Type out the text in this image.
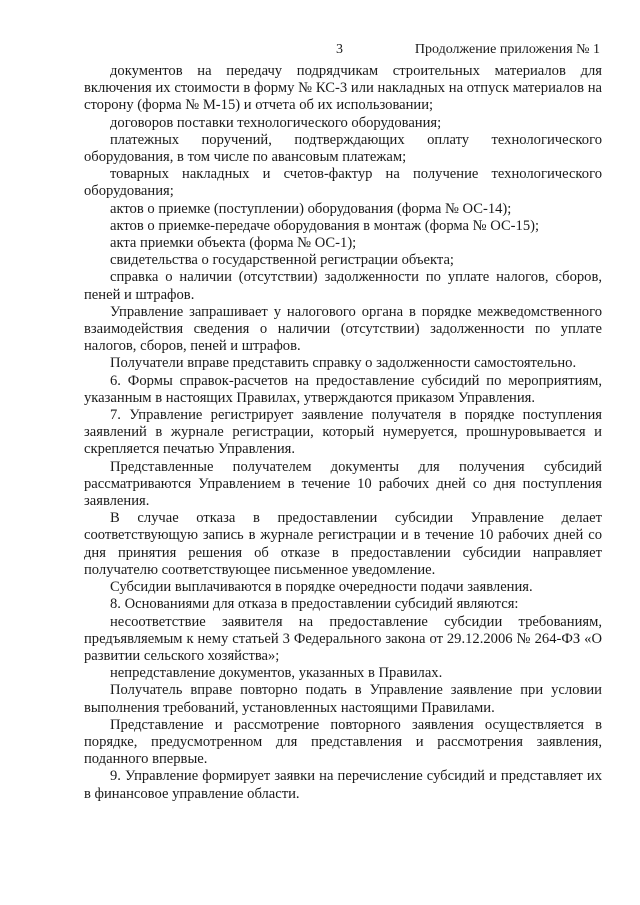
3	Продолжение приложения № 1

документов на передачу подрядчикам строительных материалов для включения их стоимости в форму № КС-3 или накладных на отпуск материалов на сторону (форма № М-15) и отчета об их использовании;

договоров поставки технологического оборудования;

платежных поручений, подтверждающих оплату технологического оборудования, в том числе по авансовым платежам;

товарных накладных и счетов-фактур на получение технологического оборудования;

актов о приемке (поступлении) оборудования (форма № ОС-14);

актов о приемке-передаче оборудования в монтаж (форма № ОС-15);

акта приемки объекта (форма № ОС-1);

свидетельства о государственной регистрации объекта;

справка о наличии (отсутствии) задолженности по уплате налогов, сборов, пеней и штрафов.

Управление запрашивает у налогового органа в порядке межведомственного взаимодействия сведения о наличии (отсутствии) задолженности по уплате налогов, сборов, пеней и штрафов.

Получатели вправе представить справку о задолженности самостоятельно.

6. Формы справок-расчетов на предоставление субсидий по мероприятиям, указанным в настоящих Правилах, утверждаются приказом Управления.

7. Управление регистрирует заявление получателя в порядке поступления заявлений в журнале регистрации, который нумеруется, прошнуровывается и скрепляется печатью Управления.

Представленные получателем документы для получения субсидий рассматриваются Управлением в течение 10 рабочих дней со дня поступления заявления.

В случае отказа в предоставлении субсидии Управление делает соответствующую запись в журнале регистрации и в течение 10 рабочих дней со дня принятия решения об отказе в предоставлении субсидии направляет получателю соответствующее письменное уведомление.

Субсидии выплачиваются в порядке очередности подачи заявления.

8. Основаниями для отказа в предоставлении субсидий являются:

несоответствие заявителя на предоставление субсидии требованиям, предъявляемым к нему статьей 3 Федерального закона от 29.12.2006 № 264-ФЗ «О развитии сельского хозяйства»;

непредставление документов, указанных в Правилах.

Получатель вправе повторно подать в Управление заявление при условии выполнения требований, установленных настоящими Правилами.

Представление и рассмотрение повторного заявления осуществляется в порядке, предусмотренном для представления и рассмотрения заявления, поданного впервые.

9. Управление формирует заявки на перечисление субсидий и представляет их в финансовое управление области.
